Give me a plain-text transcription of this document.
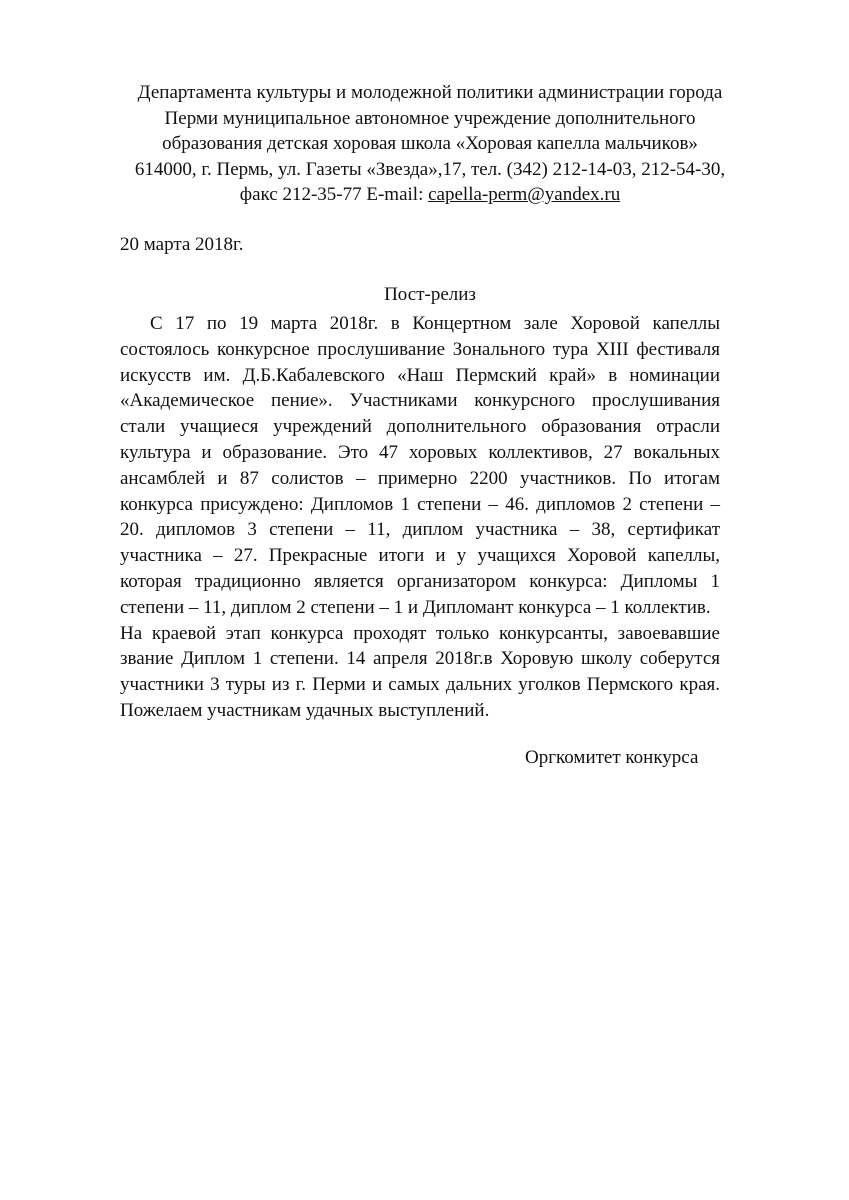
Департамента культуры и молодежной политики администрации города
Перми муниципальное автономное учреждение дополнительного
образования детская хоровая школа «Хоровая капелла мальчиков»
614000, г. Пермь, ул. Газеты «Звезда»,17, тел. (342) 212-14-03, 212-54-30,
факс 212-35-77 E-mail: capella-perm@yandex.ru
20 марта 2018г.
Пост-релиз

С 17 по 19 марта 2018г. в Концертном зале Хоровой капеллы состоялось конкурсное прослушивание Зонального тура XIII фестиваля искусств им. Д.Б.Кабалевского «Наш Пермский край» в номинации «Академическое пение». Участниками конкурсного прослушивания стали учащиеся учреждений дополнительного образования отрасли культура и образование. Это 47 хоровых коллективов, 27 вокальных ансамблей и 87 солистов – примерно 2200 участников. По итогам конкурса присуждено: Дипломов 1 степени – 46. дипломов 2 степени – 20. дипломов 3 степени – 11, диплом участника – 38, сертификат участника – 27. Прекрасные итоги и у учащихся Хоровой капеллы, которая традиционно является организатором конкурса: Дипломы 1 степени – 11, диплом 2 степени – 1 и Дипломант конкурса – 1 коллектив.

На краевой этап конкурса проходят только конкурсанты, завоевавшие звание Диплом 1 степени. 14 апреля 2018г.в Хоровую школу соберутся участники 3 туры из г. Перми и самых дальних уголков Пермского края. Пожелаем участникам удачных выступлений.

Оргкомитет конкурса
